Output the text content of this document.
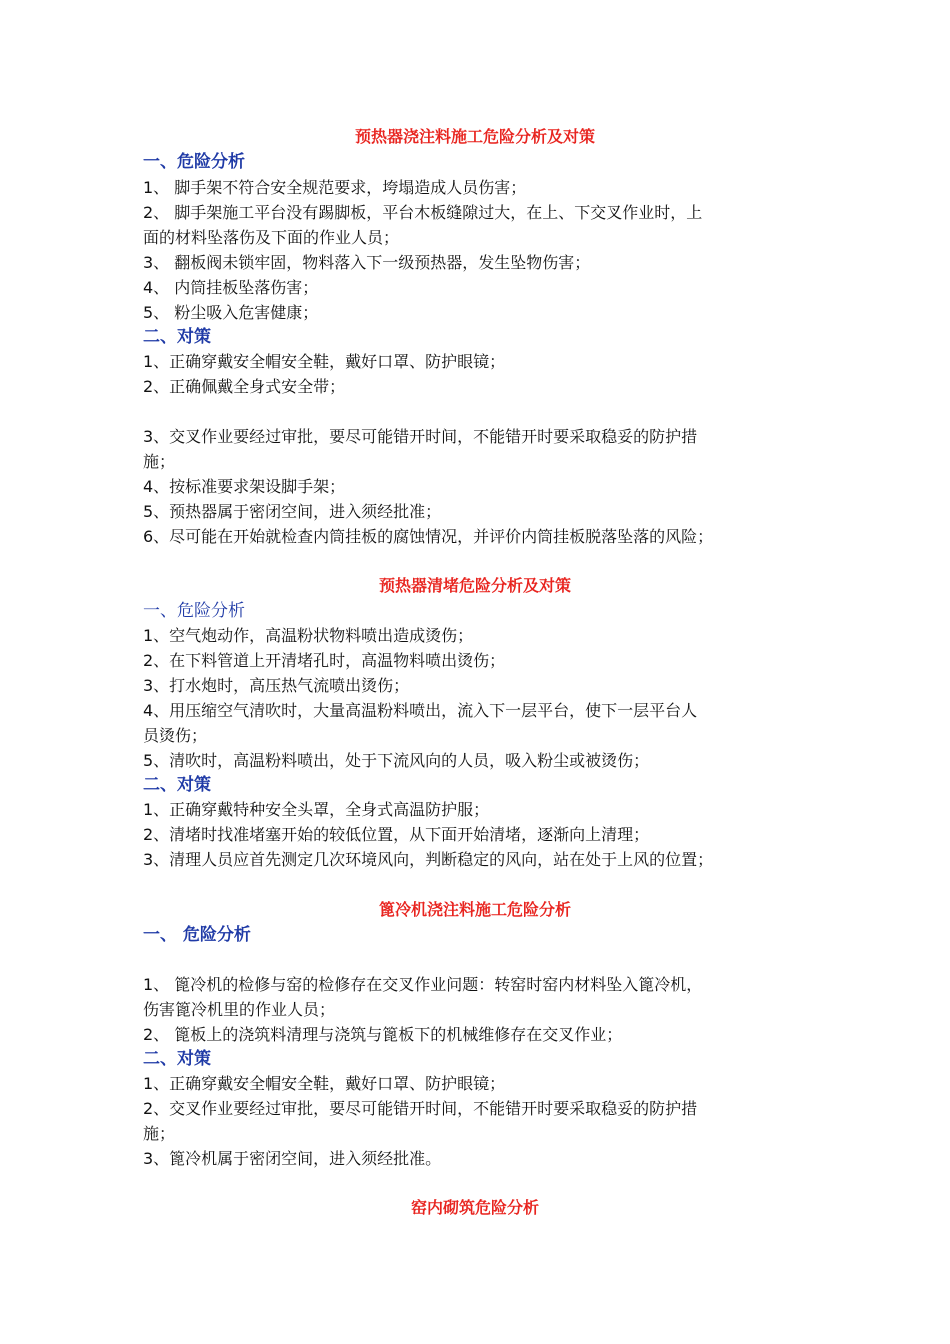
预热器浇注料施工危险分析及对策
一、危险分析
1、 脚手架不符合安全规范要求，垮塌造成人员伤害；
2、 脚手架施工平台没有踢脚板，平台木板缝隙过大，在上、下交叉作业时，上
面的材料坠落伤及下面的作业人员；
3、 翻板阀未锁牢固，物料落入下一级预热器，发生坠物伤害；
4、 内筒挂板坠落伤害；
5、 粉尘吸入危害健康；
二、对策
1、正确穿戴安全帽安全鞋，戴好口罩、防护眼镜；
2、正确佩戴全身式安全带；
3、交叉作业要经过审批，要尽可能错开时间，不能错开时要采取稳妥的防护措
施；
4、按标准要求架设脚手架；
5、预热器属于密闭空间，进入须经批准；
6、尽可能在开始就检查内筒挂板的腐蚀情况，并评价内筒挂板脱落坠落的风险；
预热器清堵危险分析及对策
一、危险分析
1、空气炮动作，高温粉状物料喷出造成烫伤；
2、在下料管道上开清堵孔时，高温物料喷出烫伤；
3、打水炮时，高压热气流喷出烫伤；
4、用压缩空气清吹时，大量高温粉料喷出，流入下一层平台，使下一层平台人
员烫伤；
5、清吹时，高温粉料喷出，处于下流风向的人员，吸入粉尘或被烫伤；
二、对策
1、正确穿戴特种安全头罩，全身式高温防护服；
2、清堵时找准堵塞开始的较低位置，从下面开始清堵，逐渐向上清理；
3、清理人员应首先测定几次环境风向，判断稳定的风向，站在处于上风的位置；
篦冷机浇注料施工危险分析
一、 危险分析
1、 篦冷机的检修与窑的检修存在交叉作业问题：转窑时窑内材料坠入篦冷机，
伤害篦冷机里的作业人员；
2、 篦板上的浇筑料清理与浇筑与篦板下的机械维修存在交叉作业；
二、对策
1、正确穿戴安全帽安全鞋，戴好口罩、防护眼镜；
2、交叉作业要经过审批，要尽可能错开时间，不能错开时要采取稳妥的防护措
施；
3、篦冷机属于密闭空间，进入须经批准。
窑内砌筑危险分析
